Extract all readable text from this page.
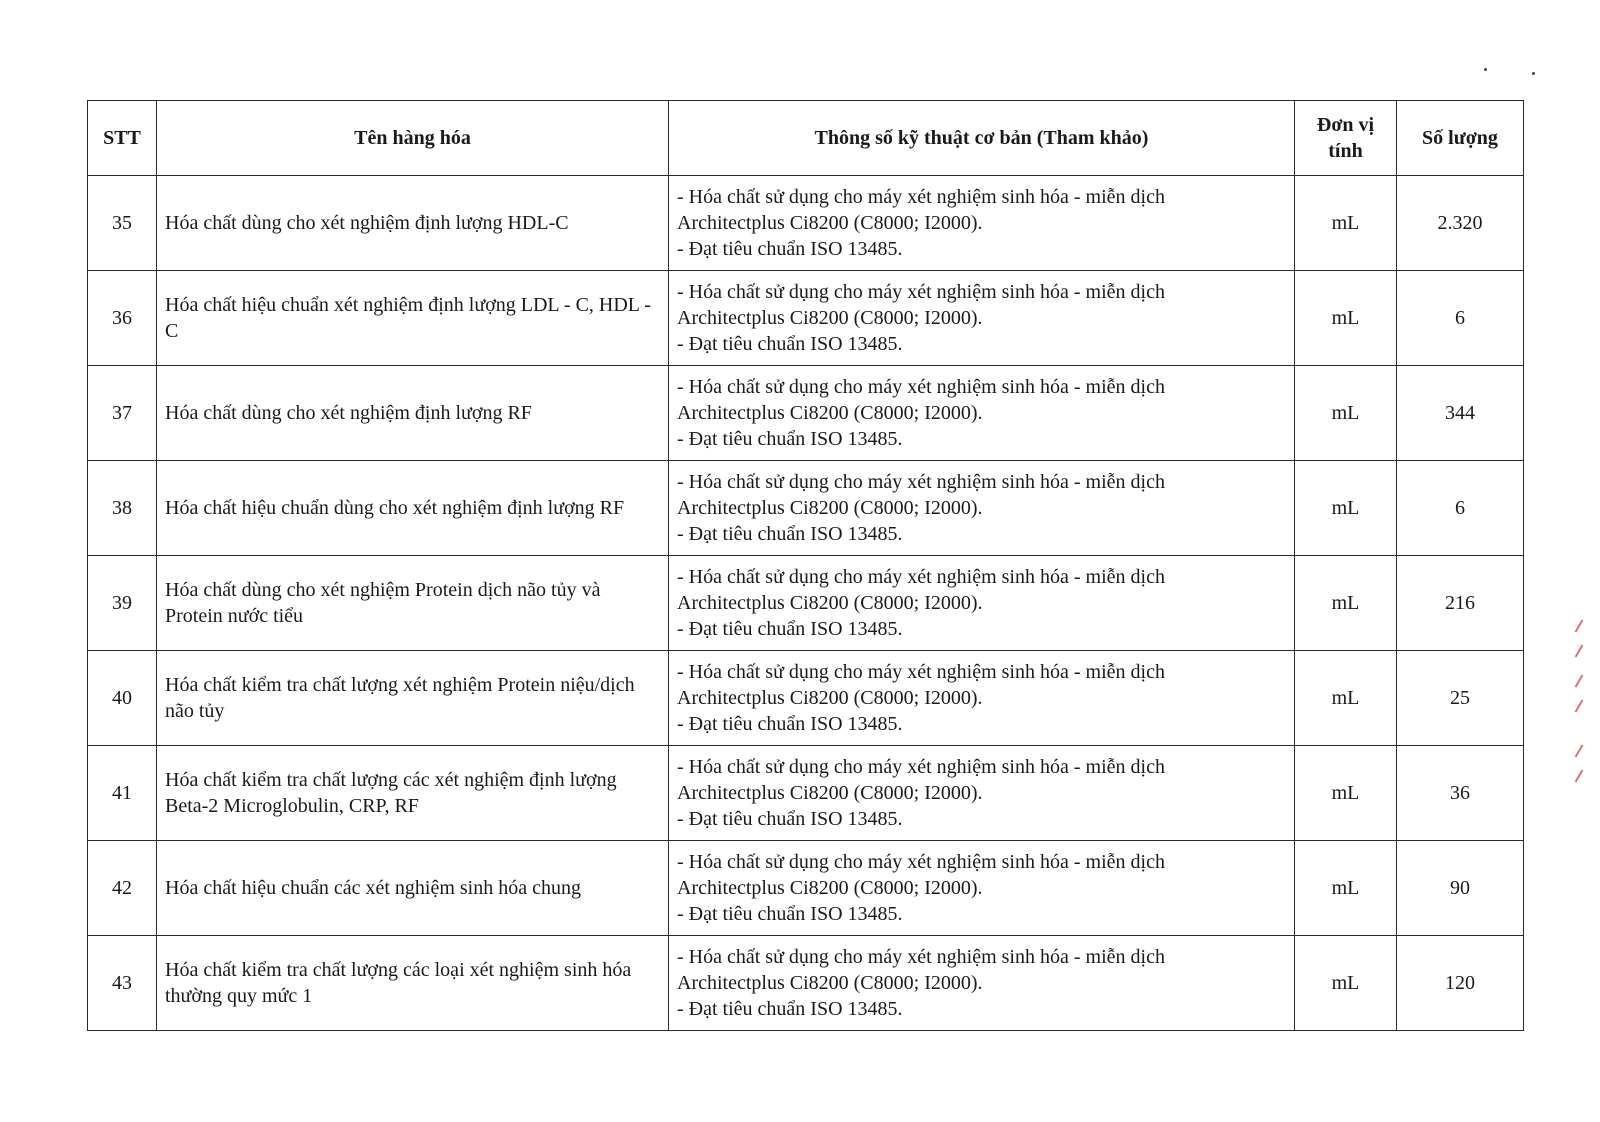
STT	Tên hàng hóa	Thông số kỹ thuật cơ bản (Tham khảo)	Đơn vị
tính	Số lượng
35	Hóa chất dùng cho xét nghiệm định lượng HDL-C	- Hóa chất sử dụng cho máy xét nghiệm sinh hóa - miễn dịch
Architectplus Ci8200 (C8000; I2000).
- Đạt tiêu chuẩn ISO 13485.	mL	2.320
36	Hóa chất hiệu chuẩn xét nghiệm định lượng LDL - C, HDL -C	- Hóa chất sử dụng cho máy xét nghiệm sinh hóa - miễn dịch
Architectplus Ci8200 (C8000; I2000).
- Đạt tiêu chuẩn ISO 13485.	mL	6
37	Hóa chất dùng cho xét nghiệm định lượng RF	- Hóa chất sử dụng cho máy xét nghiệm sinh hóa - miễn dịch
Architectplus Ci8200 (C8000; I2000).
- Đạt tiêu chuẩn ISO 13485.	mL	344
38	Hóa chất hiệu chuẩn dùng cho xét nghiệm định lượng RF	- Hóa chất sử dụng cho máy xét nghiệm sinh hóa - miễn dịch
Architectplus Ci8200 (C8000; I2000).
- Đạt tiêu chuẩn ISO 13485.	mL	6
39	Hóa chất dùng cho xét nghiệm Protein dịch não tủy và Protein nước tiểu	- Hóa chất sử dụng cho máy xét nghiệm sinh hóa - miễn dịch
Architectplus Ci8200 (C8000; I2000).
- Đạt tiêu chuẩn ISO 13485.	mL	216
40	Hóa chất kiểm tra chất lượng xét nghiệm Protein niệu/dịch não tủy	- Hóa chất sử dụng cho máy xét nghiệm sinh hóa - miễn dịch
Architectplus Ci8200 (C8000; I2000).
- Đạt tiêu chuẩn ISO 13485.	mL	25
41	Hóa chất kiểm tra chất lượng các xét nghiệm định lượng Beta-2 Microglobulin, CRP, RF	- Hóa chất sử dụng cho máy xét nghiệm sinh hóa - miễn dịch
Architectplus Ci8200 (C8000; I2000).
- Đạt tiêu chuẩn ISO 13485.	mL	36
42	Hóa chất hiệu chuẩn các xét nghiệm sinh hóa chung	- Hóa chất sử dụng cho máy xét nghiệm sinh hóa - miễn dịch
Architectplus Ci8200 (C8000; I2000).
- Đạt tiêu chuẩn ISO 13485.	mL	90
43	Hóa chất kiểm tra chất lượng các loại xét nghiệm sinh hóa thường quy mức 1	- Hóa chất sử dụng cho máy xét nghiệm sinh hóa - miễn dịch
Architectplus Ci8200 (C8000; I2000).
- Đạt tiêu chuẩn ISO 13485.	mL	120
